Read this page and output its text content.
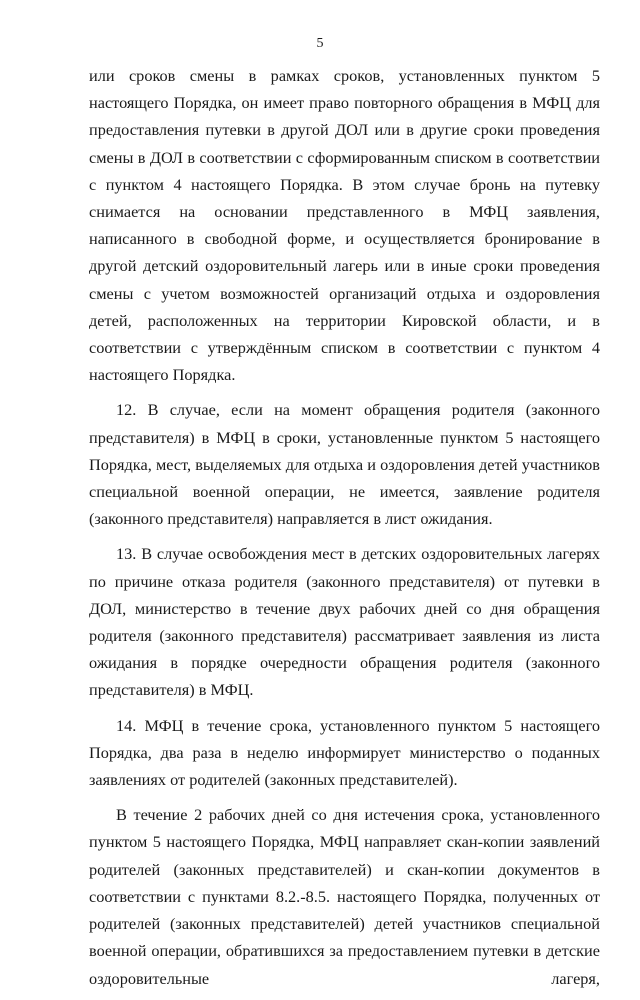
5

или сроков смены в рамках сроков, установленных пунктом 5 настоящего Порядка, он имеет право повторного обращения в МФЦ для предоставления путевки в другой ДОЛ или в другие сроки проведения смены в ДОЛ в соответствии с сформированным списком в соответствии с пунктом 4 настоящего Порядка. В этом случае бронь на путевку снимается на основании представленного в МФЦ заявления, написанного в свободной форме, и осуществляется бронирование в другой детский оздоровительный лагерь или в иные сроки проведения смены с учетом возможностей организаций отдыха и оздоровления детей, расположенных на территории Кировской области, и в соответствии с утверждённым списком в соответствии с пунктом 4 настоящего Порядка.

12. В случае, если на момент обращения родителя (законного представителя) в МФЦ в сроки, установленные пунктом 5 настоящего Порядка, мест, выделяемых для отдыха и оздоровления детей участников специальной военной операции, не имеется, заявление родителя (законного представителя) направляется в лист ожидания.

13. В случае освобождения мест в детских оздоровительных лагерях по причине отказа родителя (законного представителя) от путевки в ДОЛ, министерство в течение двух рабочих дней со дня обращения родителя (законного представителя) рассматривает заявления из листа ожидания в порядке очередности обращения родителя (законного представителя) в МФЦ.

14. МФЦ в течение срока, установленного пунктом 5 настоящего Порядка, два раза в неделю информирует министерство о поданных заявлениях от родителей (законных представителей).

В течение 2 рабочих дней со дня истечения срока, установленного пунктом 5 настоящего Порядка, МФЦ направляет скан-копии заявлений родителей (законных представителей) и скан-копии документов в соответствии с пунктами 8.2.-8.5. настоящего Порядка, полученных от родителей (законных представителей) детей участников специальной военной операции, обратившихся за предоставлением путевки в детские оздоровительные лагеря,
